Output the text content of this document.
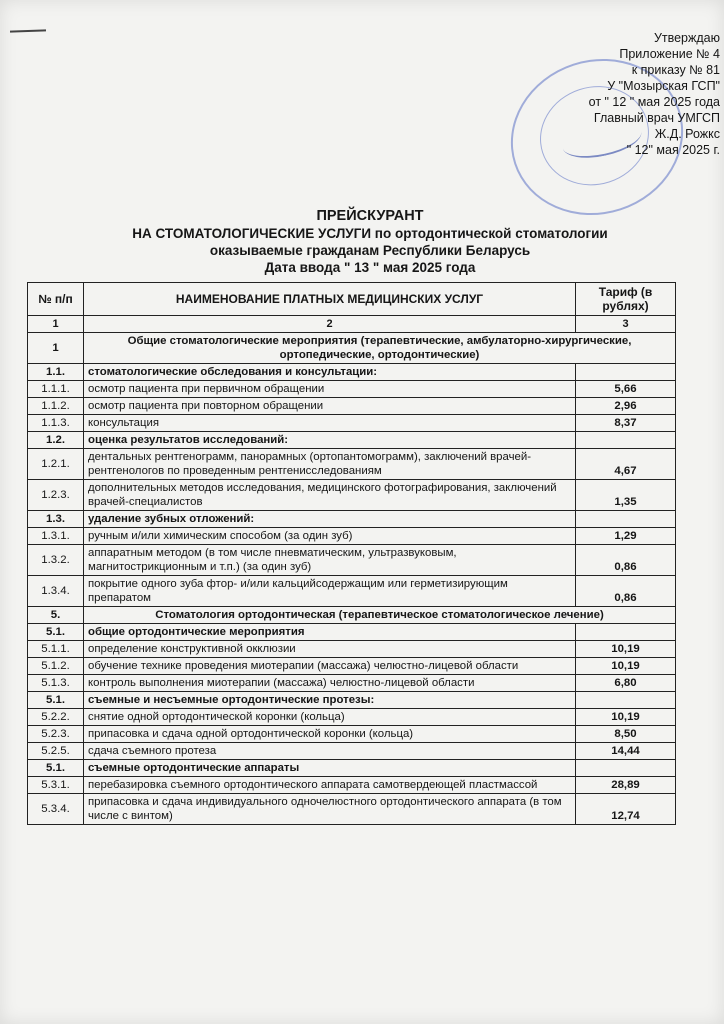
Утверждаю
Приложение № 4
к приказу № 81
У "Мозырская ГСП"
от " 12 " мая 2025 года
Главный врач УМГСП
Ж.Д. Рожкс
" 12" мая 2025 г.
ПРЕЙСКУРАНТ
НА СТОМАТОЛОГИЧЕСКИЕ УСЛУГИ по ортодонтической стоматологии
оказываемые гражданам Республики Беларусь
Дата ввода " 13 " мая 2025 года
№ п/п	НАИМЕНОВАНИЕ ПЛАТНЫХ МЕДИЦИНСКИХ УСЛУГ	Тариф (в рублях)
1	2	3
1	Общие стоматологические мероприятия (терапевтические, амбулаторно-хирургические, ортопедические, ортодонтические)	
1.1.	стоматологические обследования и консультации:	
1.1.1.	осмотр пациента при первичном обращении	5,66
1.1.2.	осмотр пациента при повторном обращении	2,96
1.1.3.	консультация	8,37
1.2.	оценка результатов исследований:	
1.2.1.	дентальных рентгенограмм, панорамных (ортопантомограмм), заключений врачей-рентгенологов по проведенным рентгенисследованиям	4,67
1.2.3.	дополнительных методов исследования, медицинского фотографирования, заключений врачей-специалистов	1,35
1.3.	удаление зубных отложений:	
1.3.1.	ручным и/или химическим способом (за один зуб)	1,29
1.3.2.	аппаратным методом (в том числе пневматическим, ультразвуковым, магнитострикционным и т.п.) (за один зуб)	0,86
1.3.4.	покрытие одного зуба фтор- и/или кальцийсодержащим или герметизирующим препаратом	0,86
5.	Стоматология ортодонтическая (терапевтическое стоматологическое лечение)	
5.1.	общие ортодонтические мероприятия	
5.1.1.	определение конструктивной окклюзии	10,19
5.1.2.	обучение технике проведения миотерапии (массажа) челюстно-лицевой области	10,19
5.1.3.	контроль выполнения миотерапии (массажа) челюстно-лицевой области	6,80
5.1.	съемные и несъемные ортодонтические протезы:	
5.2.2.	снятие одной ортодонтической коронки (кольца)	10,19
5.2.3.	припасовка и сдача одной ортодонтической коронки (кольца)	8,50
5.2.5.	сдача съемного протеза	14,44
5.1.	съемные ортодонтические аппараты	
5.3.1.	перебазировка съемного ортодонтического аппарата самотвердеющей пластмассой	28,89
5.3.4.	припасовка и сдача индивидуального одночелюстного ортодонтического аппарата (в том числе с винтом)	12,74
